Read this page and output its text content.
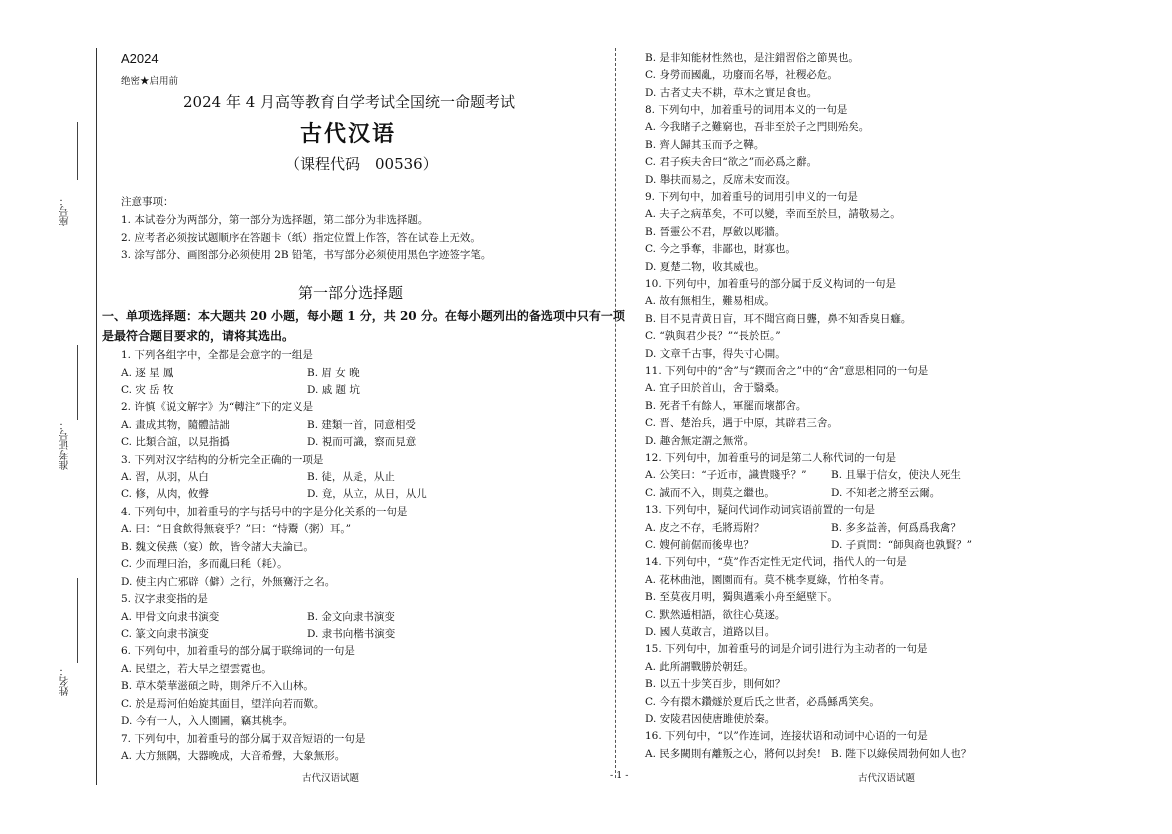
座号：
准考证号：
姓名：
A2024
绝密★启用前
2024 年 4 月高等教育自学考试全国统一命题考试
古代汉语
（课程代码　00536）
注意事项：
1. 本试卷分为两部分，第一部分为选择题，第二部分为非选择题。
2. 应考者必须按试题顺序在答题卡（纸）指定位置上作答，答在试卷上无效。
3. 涂写部分、画图部分必须使用 2B 铅笔，书写部分必须使用黑色字迹签字笔。
第一部分选择题
一、单项选择题：本大题共 20 小题，每小题 1 分，共 20 分。在每小题列出的备选项中只有一项
是最符合题目要求的，请将其选出。
1. 下列各组字中，全都是会意字的一组是
A. 逐 星 鳳	B. 眉 女 晚
C. 灾 岳 牧	D. 戚 题 坑
2. 许慎《说文解字》为“轉注”下的定义是
A. 畫成其物，隨體詰詘	B. 建類一首，同意相受
C. 比類合誼，以見指撝	D. 視而可識，察而見意
3. 下列对汉字结构的分析完全正确的一项是
A. 習，从羽，从白	B. 徒，从辵，从止
C. 修，从肉，攸聲	D. 竟，从立，从日，从儿
4. 下列句中，加着重号的字与括号中的字是分化关系的一句是
A. 曰：“日食飲得無衰乎？”曰：“恃鬻（粥）耳。”
B. 魏文侯燕（宴）飲，皆令諸大夫論已。
C. 少而理曰治，多而亂曰秏（耗）。
D. 使主内亡邪辟（僻）之行，外無騫汙之名。
5. 汉字隶变指的是
A. 甲骨文向隶书演变	B. 金文向隶书演变
C. 篆文向隶书演变	D. 隶书向楷书演变
6. 下列句中，加着重号的部分属于联绵词的一句是
A. 民望之，若大旱之望雲霓也。
B. 草木榮華滋碩之時，則斧斤不入山林。
C. 於是焉河伯始旋其面目，望洋向若而歎。
D. 今有一人，入人園圃，竊其桃李。
7. 下列句中，加着重号的部分属于双音短语的一句是
A. 大方無隅，大器晚成，大音希聲，大象無形。
B. 是非知能材性然也，是注錯習俗之節異也。
C. 身勞而國亂，功廢而名辱，社稷必危。
D. 古者丈夫不耕，草木之實足食也。
8. 下列句中，加着重号的词用本义的一句是
A. 今我睹子之難窮也，吾非至於子之門則殆矣。
B. 齊人歸其玉而予之鞾。
C. 君子疾夫舍曰“欲之”而必爲之辭。
D. 舉扶而易之，反席未安而沒。
9. 下列句中，加着重号的词用引申义的一句是
A. 夫子之病革矣，不可以變，幸而至於旦，請敬易之。
B. 晉靈公不君，厚斂以彫牆。
C. 今之爭奪，非鄙也，財寡也。
D. 夏楚二物，收其威也。
10. 下列句中，加着重号的部分属于反义构词的一句是
A. 故有無相生，難易相成。
B. 目不見青黄日盲，耳不聞宫商日聾，鼻不知香臭日癰。
C. “孰與君少長？”“長於臣。”
D. 文章千古事，得失寸心開。
11. 下列句中的“舍”与“鍥而舍之”中的“舍”意思相同的一句是
A. 宜子田於首山，舍于翳桑。
B. 死者千有餘人，軍罷而壞都舍。
C. 晋、楚治兵，遇于中原，其辟君三舍。
D. 趣舍無定謂之無常。
12. 下列句中，加着重号的词是第二人称代词的一句是
A. 公笑曰：“子近市，識貴賤乎？” B. 且畢于信女，使決人死生
C. 誠而不入，則莫之繼也。	D. 不知老之將至云爾。
13. 下列句中，疑问代词作动词宾语前置的一句是
A. 皮之不存，毛將焉附？	B. 多多益善，何爲爲我禽？
C. 嫂何前倨而後卑也？	D. 子貢問：“師與商也孰賢？”
14. 下列句中，“莫”作否定性无定代词，指代人的一句是
A. 花林曲池，園園而有。莫不桃李夏綠，竹柏冬青。
B. 至莫夜月明，獨與邁乘小舟至絕壁下。
C. 默然遁相語，欲往心莫逐。
D. 國人莫敢言，道路以目。
15. 下列句中，加着重号的词是介词引进行为主动者的一句是
A. 此所謂戰勝於朝廷。
B. 以五十步笑百步，則何如？
C. 今有擐木鑽燧於夏后氏之世者，必爲鯀禹笑矣。
D. 安陵君因使唐雎使於秦。
16. 下列句中，“以”作连词，连接状语和动词中心语的一句是
A. 民多闕則有離叛之心，將何以封矣! B. 陛下以綠侯周勃何如人也？
古代汉语试题	- 1 -	古代汉语试题
